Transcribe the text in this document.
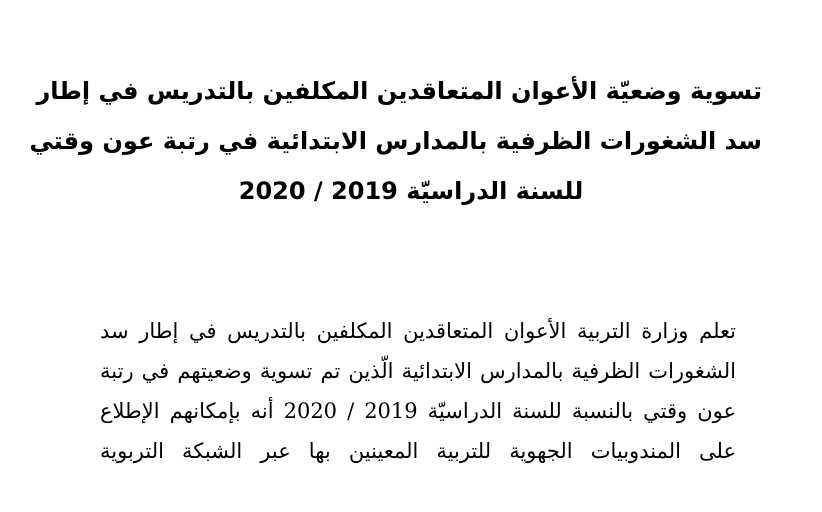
تسوية وضعيّة الأعوان المتعاقدين المكلفين بالتدريس في إطار

سد الشغورات الظرفية بالمدارس الابتدائية في رتبة عون وقتي

للسنة الدراسيّة 2019 / 2020

تعلم وزارة التربية الأعوان المتعاقدين المكلفين بالتدريس في إطار سد

الشغورات الظرفية بالمدارس الابتدائية الّذين تم تسوية وضعيتهم في رتبة

عون وقتي بالنسبة للسنة الدراسيّة 2019 / 2020 أنه بإمكانهم الإطلاع

على المندوبيات الجهوية للتربية المعينين بها عبر الشبكة التربوية
